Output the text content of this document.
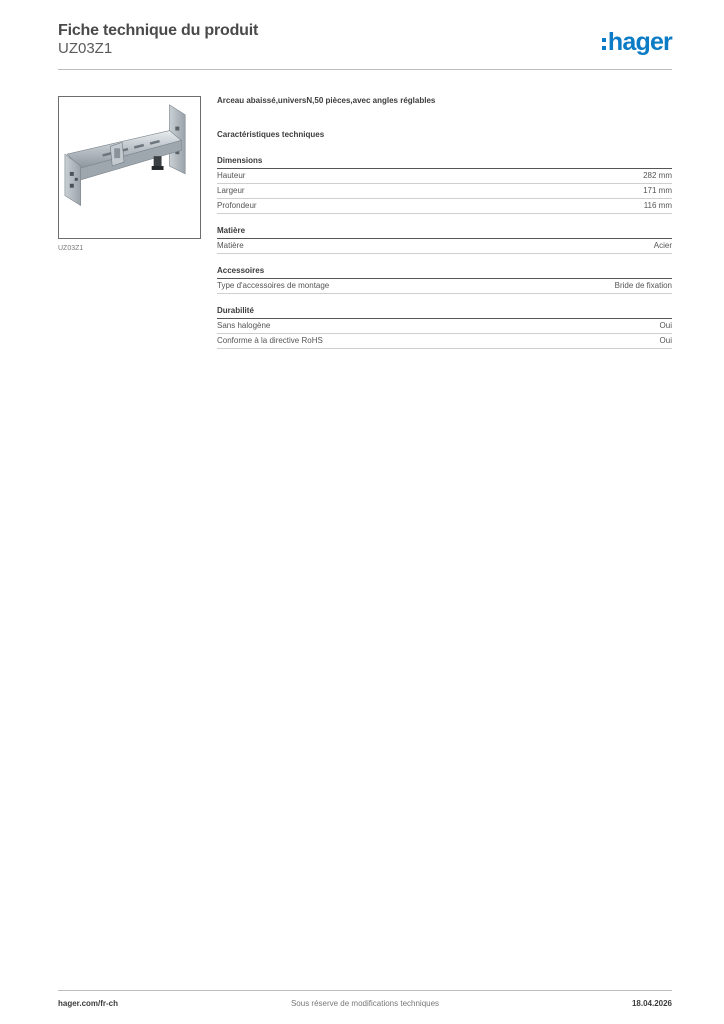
Fiche technique du produit
UZ03Z1	hager
UZ03Z1
Arceau abaissé,universN,50 pièces,avec angles réglables
Caractéristiques techniques
Dimensions
Hauteur	282 mm
Largeur	171 mm
Profondeur	116 mm
Matière
Matière	Acier
Accessoires
Type d'accessoires de montage	Bride de fixation
Durabilité
Sans halogène	Oui
Conforme à la directive RoHS	Oui
hager.com/fr-ch	Sous réserve de modifications techniques	18.04.2026
